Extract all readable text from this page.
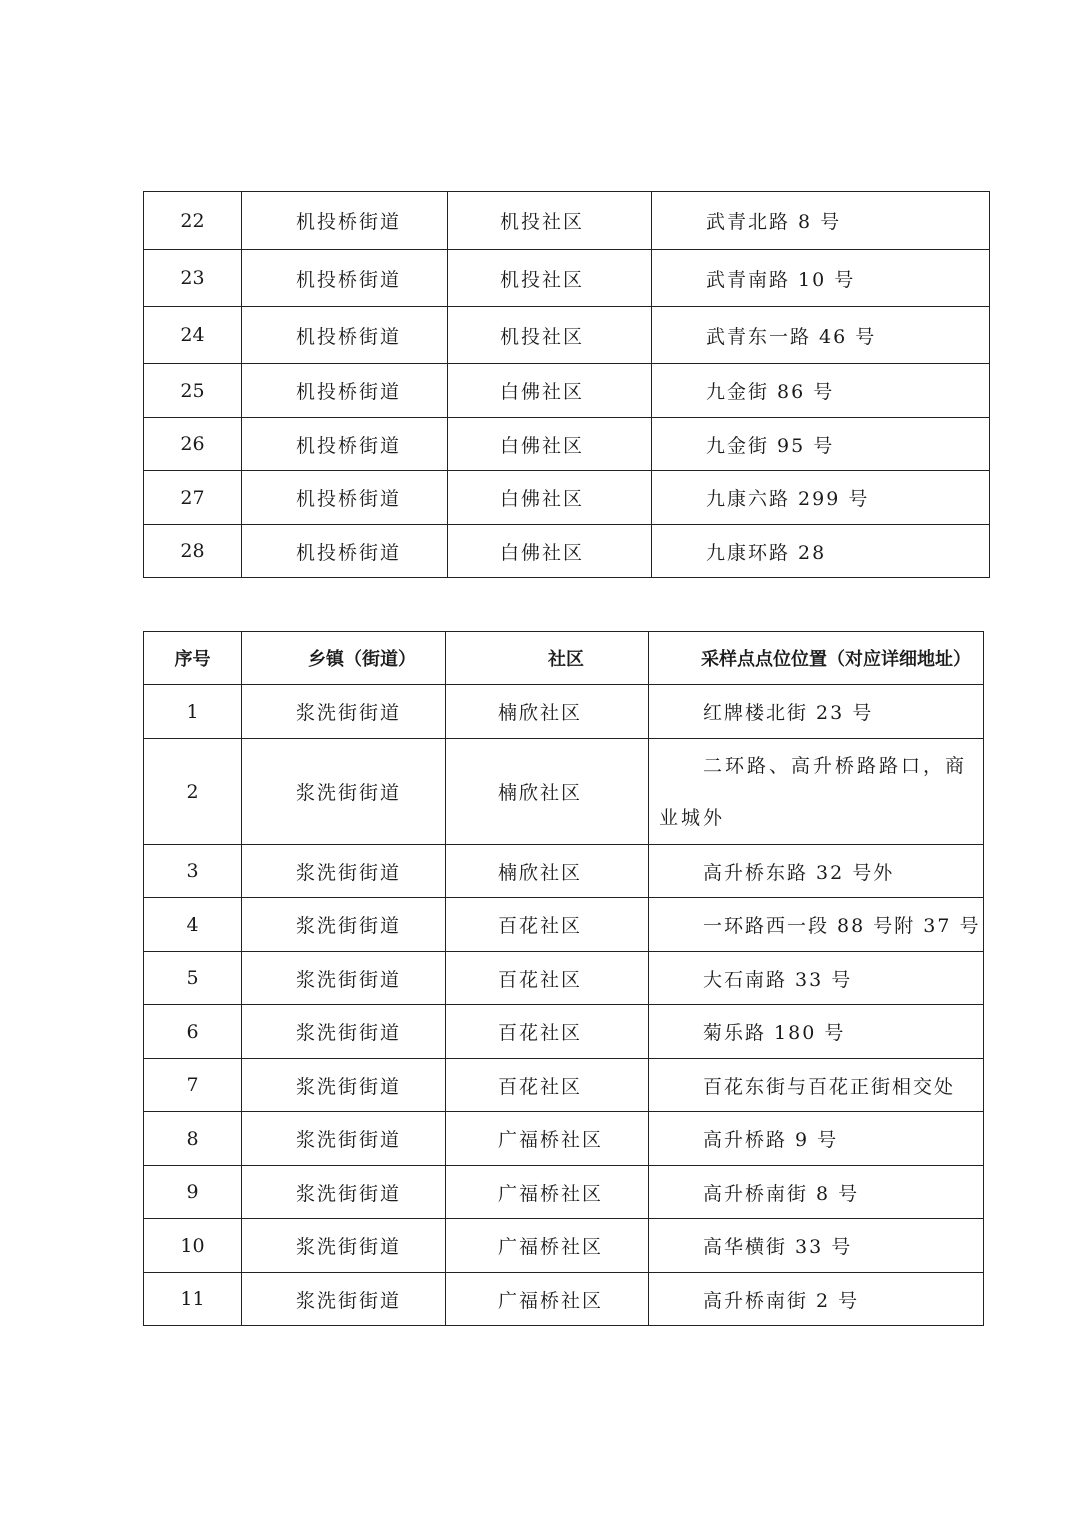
22	机投桥街道	机投社区	武青北路 8 号
23	机投桥街道	机投社区	武青南路 10 号
24	机投桥街道	机投社区	武青东一路 46 号
25	机投桥街道	白佛社区	九金街 86 号
26	机投桥街道	白佛社区	九金街 95 号
27	机投桥街道	白佛社区	九康六路 299 号
28	机投桥街道	白佛社区	九康环路 28
序号	乡镇（街道）	社区	采样点点位位置（对应详细地址）
1	浆洗街街道	楠欣社区	红牌楼北街 23 号
2	浆洗街街道	楠欣社区	二环路、高升桥路路口，商业城外
3	浆洗街街道	楠欣社区	高升桥东路 32 号外
4	浆洗街街道	百花社区	一环路西一段 88 号附 37 号
5	浆洗街街道	百花社区	大石南路 33 号
6	浆洗街街道	百花社区	菊乐路 180 号
7	浆洗街街道	百花社区	百花东街与百花正街相交处
8	浆洗街街道	广福桥社区	高升桥路 9 号
9	浆洗街街道	广福桥社区	高升桥南街 8 号
10	浆洗街街道	广福桥社区	高华横街 33 号
11	浆洗街街道	广福桥社区	高升桥南街 2 号
